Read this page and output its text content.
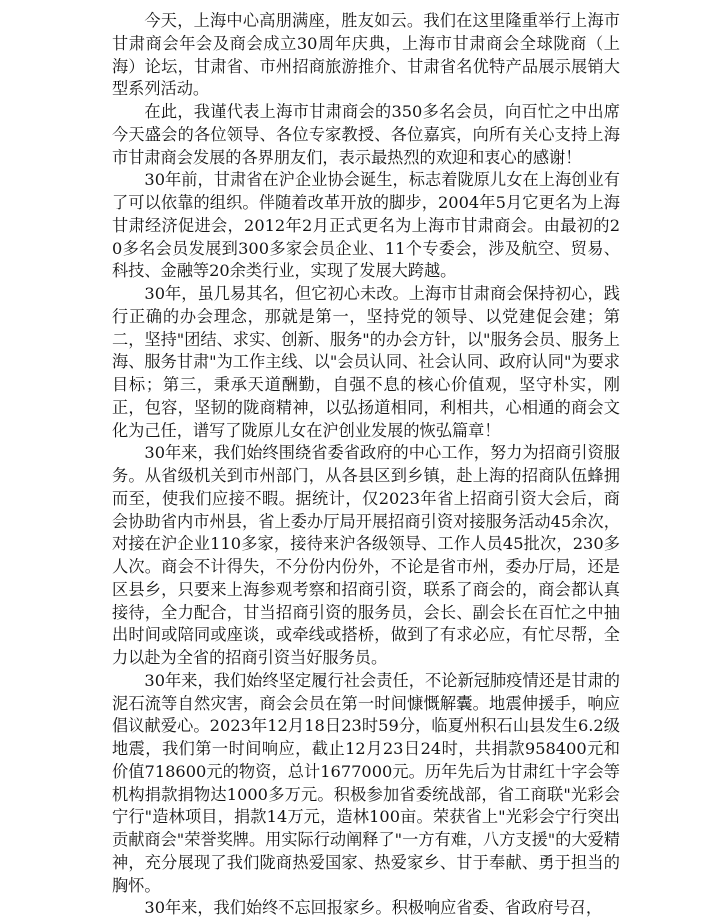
今天，上海中心高朋满座，胜友如云。我们在这里隆重举行上海市甘肃商会年会及商会成立30周年庆典，上海市甘肃商会全球陇商（上海）论坛，甘肃省、市州招商旅游推介、甘肃省名优特产品展示展销大型系列活动。

在此，我谨代表上海市甘肃商会的350多名会员，向百忙之中出席今天盛会的各位领导、各位专家教授、各位嘉宾，向所有关心支持上海市甘肃商会发展的各界朋友们，表示最热烈的欢迎和衷心的感谢！

30年前，甘肃省在沪企业协会诞生，标志着陇原儿女在上海创业有了可以依靠的组织。伴随着改革开放的脚步，2004年5月它更名为上海甘肃经济促进会，2012年2月正式更名为上海市甘肃商会。由最初的20多名会员发展到300多家会员企业、11个专委会，涉及航空、贸易、科技、金融等20余类行业，实现了发展大跨越。

30年，虽几易其名，但它初心未改。上海市甘肃商会保持初心，践行正确的办会理念，那就是第一，坚持党的领导、以党建促会建；第二，坚持"团结、求实、创新、服务"的办会方针，以"服务会员、服务上海、服务甘肃"为工作主线、以"会员认同、社会认同、政府认同"为要求目标；第三，秉承天道酬勤，自强不息的核心价值观，坚守朴实，刚正，包容，坚韧的陇商精神，以弘扬道相同，利相共，心相通的商会文化为己任，谱写了陇原儿女在沪创业发展的恢弘篇章！

30年来，我们始终围绕省委省政府的中心工作，努力为招商引资服务。从省级机关到市州部门，从各县区到乡镇，赴上海的招商队伍蜂拥而至，使我们应接不暇。据统计，仅2023年省上招商引资大会后，商会协助省内市州县，省上委办厅局开展招商引资对接服务活动45余次，对接在沪企业110多家，接待来沪各级领导、工作人员45批次，230多人次。商会不计得失，不分份内份外，不论是省市州，委办厅局，还是区县乡，只要来上海参观考察和招商引资，联系了商会的，商会都认真接待，全力配合，甘当招商引资的服务员，会长、副会长在百忙之中抽出时间或陪同或座谈，或牵线或搭桥，做到了有求必应，有忙尽帮，全力以赴为全省的招商引资当好服务员。

30年来，我们始终坚定履行社会责任，不论新冠肺疫情还是甘肃的泥石流等自然灾害，商会会员在第一时间慷慨解囊。地震伸援手，响应倡议献爱心。2023年12月18日23时59分，临夏州积石山县发生6.2级地震，我们第一时间响应，截止12月23日24时，共捐款958400元和价值718600元的物资，总计1677000元。历年先后为甘肃红十字会等机构捐款捐物达1000多万元。积极参加省委统战部，省工商联"光彩会宁行"造林项目，捐款14万元，造林100亩。荣获省上"光彩会宁行突出贡献商会"荣誉奖牌。用实际行动阐释了"一方有难，八方支援"的大爱精神，充分展现了我们陇商热爱国家、热爱家乡、甘于奉献、勇于担当的胸怀。

30年来，我们始终不忘回报家乡。积极响应省委、省政府号召，
